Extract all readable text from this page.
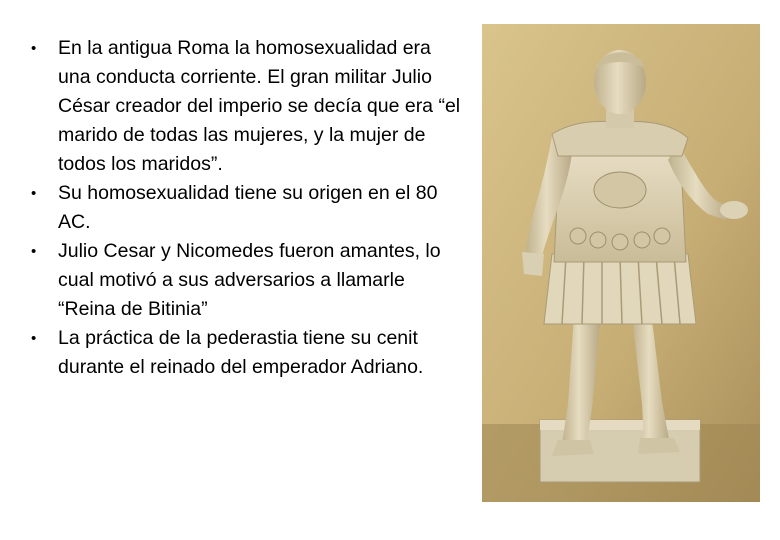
• En la antigua Roma la homosexualidad era una conducta corriente. El gran militar Julio César creador del imperio se decía que era “el marido de todas las mujeres, y la mujer de todos los maridos”.
• Su homosexualidad tiene su origen en el 80 AC.
• Julio Cesar y Nicomedes fueron amantes, lo cual motivó a sus adversarios a llamarle “Reina de Bitinia”
• La práctica de la pederastia tiene su cenit durante el reinado del emperador Adriano.
